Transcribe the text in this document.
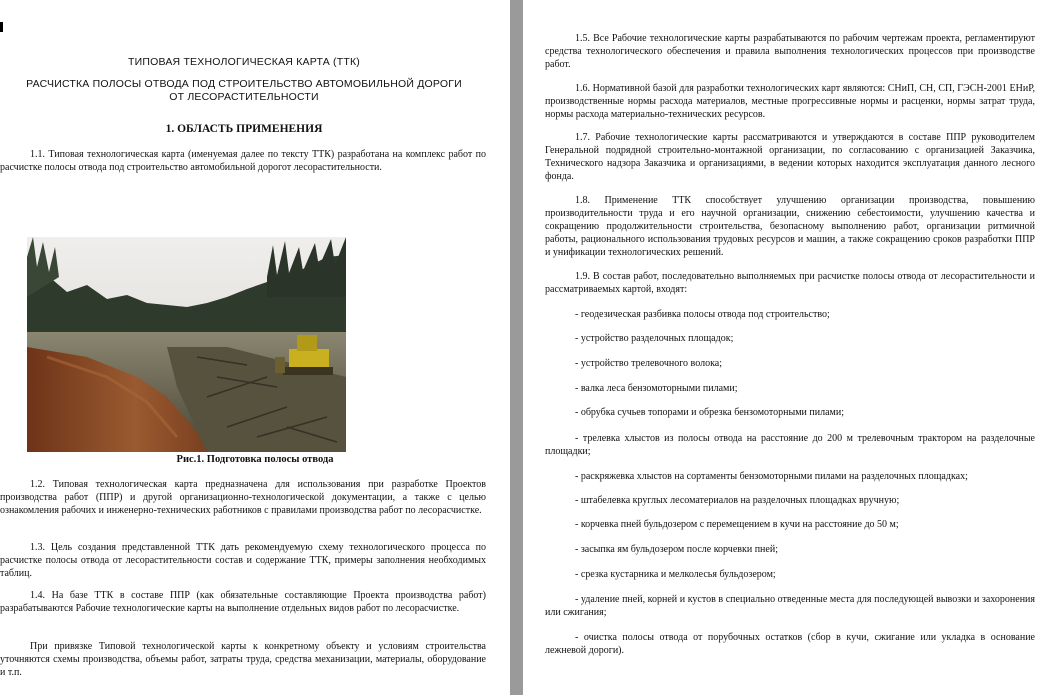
ТИПОВАЯ ТЕХНОЛОГИЧЕСКАЯ КАРТА (ТТК)
РАСЧИСТКА ПОЛОСЫ ОТВОДА ПОД СТРОИТЕЛЬСТВО АВТОМОБИЛЬНОЙ ДОРОГИ ОТ ЛЕСОРАСТИТЕЛЬНОСТИ
1. ОБЛАСТЬ ПРИМЕНЕНИЯ
1.1. Типовая технологическая карта (именуемая далее по тексту ТТК) разработана на комплекс работ по расчистке полосы отвода под строительство автомобильной дорогот лесорастительности.
Рис.1. Подготовка полосы отвода
1.2. Типовая технологическая карта предназначена для использования при разработке Проектов производства работ (ППР) и другой организационно-технологической документации, а также с целью ознакомления рабочих и инженерно-технических работников с правилами производства работ по лесорасчистке.
1.3. Цель создания представленной ТТК дать рекомендуемую схему технологического процесса по расчистке полосы отвода от лесорастительности состав и содержание ТТК, примеры заполнения необходимых таблиц.
1.4. На базе ТТК в составе ППР (как обязательные составляющие Проекта производства работ) разрабатываются Рабочие технологические карты на выполнение отдельных видов работ по лесорасчистке.
При привязке Типовой технологической карты к конкретному объекту и условиям строительства уточняются схемы производства, объемы работ, затраты труда, средства механизации, материалы, оборудование и т.п.
1.5. Все Рабочие технологические карты разрабатываются по рабочим чертежам проекта, регламентируют средства технологического обеспечения и правила выполнения технологических процессов при производстве работ.
1.6. Нормативной базой для разработки технологических карт являются: СНиП, СН, СП, ГЭСН-2001 ЕНиР, производственные нормы расхода материалов, местные прогрессивные нормы и расценки, нормы затрат труда, нормы расхода материально-технических ресурсов.
1.7. Рабочие технологические карты рассматриваются и утверждаются в составе ППР руководителем Генеральной подрядной строительно-монтажной организации, по согласованию с организацией Заказчика, Технического надзора Заказчика и организациями, в ведении которых находится эксплуатация данного лесного фонда.
1.8. Применение ТТК способствует улучшению организации производства, повышению производительности труда и его научной организации, снижению себестоимости, улучшению качества и сокращению продолжительности строительства, безопасному выполнению работ, организации ритмичной работы, рационального использования трудовых ресурсов и машин, а также сокращению сроков разработки ППР и унификации технологических решений.
1.9. В состав работ, последовательно выполняемых при расчистке полосы отвода от лесорастительности и рассматриваемых картой, входят:
- геодезическая разбивка полосы отвода под строительство;
- устройство разделочных площадок;
- устройство трелевочного волока;
- валка леса бензомоторными пилами;
- обрубка сучьев топорами и обрезка бензомоторными пилами;
- трелевка хлыстов из полосы отвода на расстояние до 200 м трелевочным трактором на разделочные площадки;
- раскряжевка хлыстов на сортаменты бензомоторными пилами на разделочных площадках;
- штабелевка круглых лесоматериалов на разделочных площадках вручную;
- корчевка пней бульдозером с перемещением в кучи на расстояние до 50 м;
- засыпка ям бульдозером после корчевки пней;
- срезка кустарника и мелколесья бульдозером;
- удаление пней, корней и кустов в специально отведенные места для последующей вывозки и захоронения или сжигания;
- очистка полосы отвода от порубочных остатков (сбор в кучи, сжигание или укладка в основание лежневой дороги).
